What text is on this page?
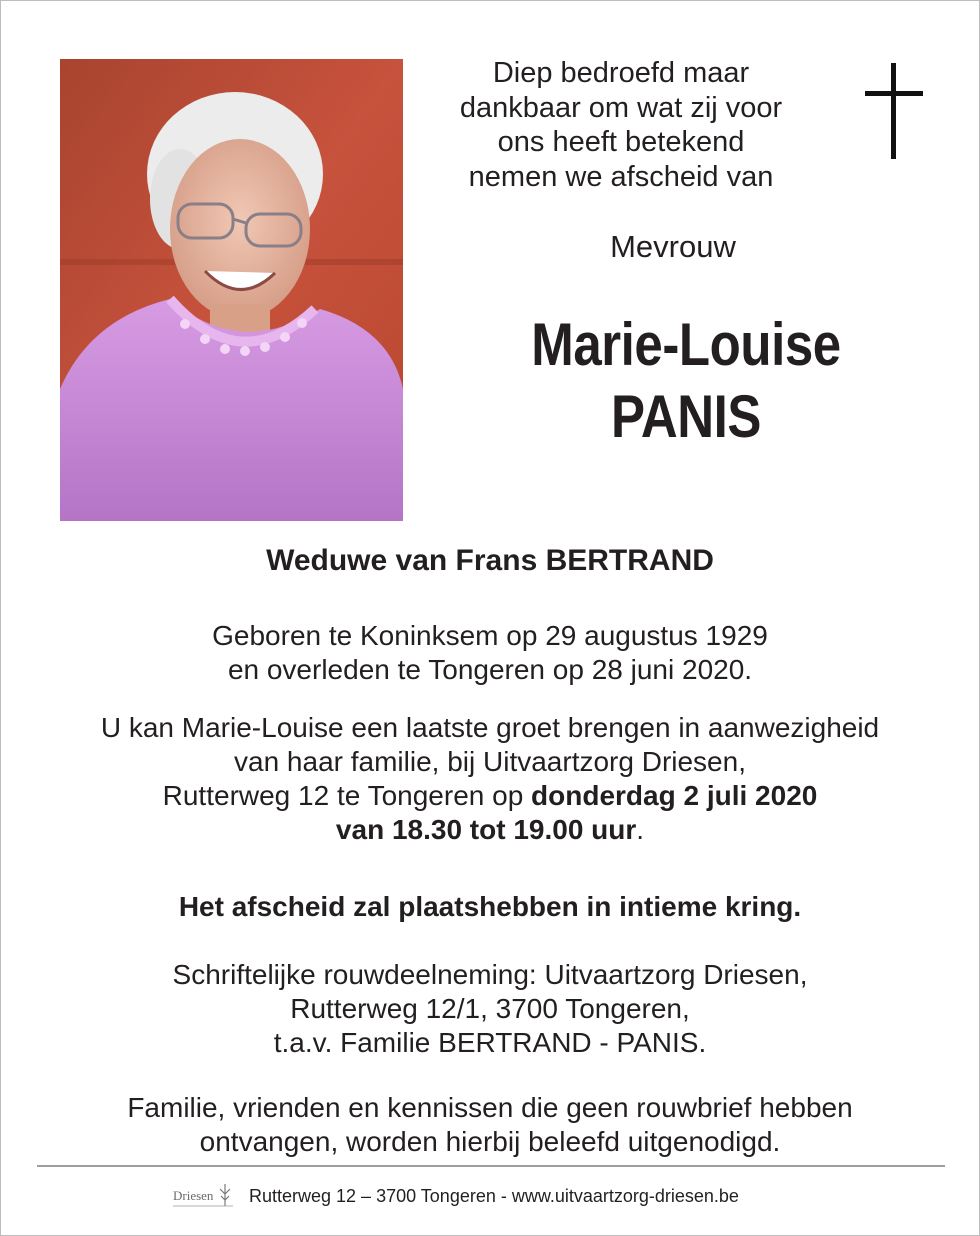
Diep bedroefd maar
dankbaar om wat zij voor
ons heeft betekend
nemen we afscheid van
Mevrouw
Marie-Louise
PANIS
Weduwe van Frans BERTRAND
Geboren te Koninksem op 29 augustus 1929
en overleden te Tongeren op 28 juni 2020.
U kan Marie-Louise een laatste groet brengen in aanwezigheid
van haar familie, bij Uitvaartzorg Driesen,
Rutterweg 12 te Tongeren op donderdag 2 juli 2020
van 18.30 tot 19.00 uur.
Het afscheid zal plaatshebben in intieme kring.
Schriftelijke rouwdeelneming: Uitvaartzorg Driesen,
Rutterweg 12/1, 3700 Tongeren,
t.a.v. Familie BERTRAND - PANIS.
Familie, vrienden en kennissen die geen rouwbrief hebben
ontvangen, worden hierbij beleefd uitgenodigd.
Driesen Rutterweg 12 – 3700 Tongeren - www.uitvaartzorg-driesen.be
